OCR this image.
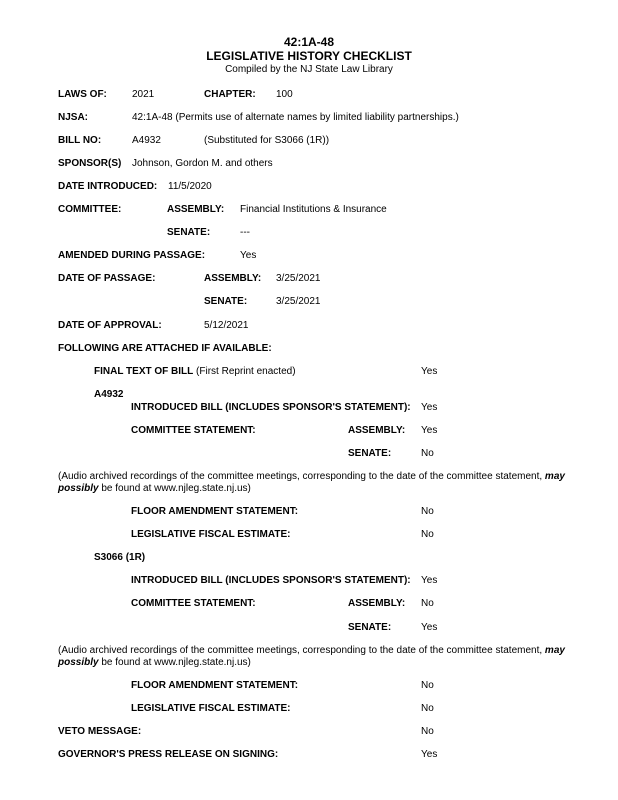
42:1A-48
LEGISLATIVE HISTORY CHECKLIST
Compiled by the NJ State Law Library
LAWS OF:	2021	CHAPTER: 100
NJSA:	42:1A-48 (Permits use of alternate names by limited liability partnerships.)
BILL NO:	A4932	(Substituted for S3066 (1R))
SPONSOR(S) Johnson, Gordon M. and others
DATE INTRODUCED: 11/5/2020
COMMITTEE:	ASSEMBLY: Financial Institutions & Insurance
SENATE:	---
AMENDED DURING PASSAGE:	Yes
DATE OF PASSAGE:	ASSEMBLY: 3/25/2021
SENATE:	3/25/2021
DATE OF APPROVAL:	5/12/2021
FOLLOWING ARE ATTACHED IF AVAILABLE:
FINAL TEXT OF BILL (First Reprint enacted)	Yes
A4932
INTRODUCED BILL (INCLUDES SPONSOR'S STATEMENT): Yes
COMMITTEE STATEMENT:	ASSEMBLY: Yes
SENATE:	No
(Audio archived recordings of the committee meetings, corresponding to the date of the committee statement, may possibly be found at www.njleg.state.nj.us)
FLOOR AMENDMENT STATEMENT:	No
LEGISLATIVE FISCAL ESTIMATE:	No
S3066 (1R)
INTRODUCED BILL (INCLUDES SPONSOR'S STATEMENT): Yes
COMMITTEE STATEMENT:	ASSEMBLY: No
SENATE:	Yes
(Audio archived recordings of the committee meetings, corresponding to the date of the committee statement, may possibly be found at www.njleg.state.nj.us)
FLOOR AMENDMENT STATEMENT:	No
LEGISLATIVE FISCAL ESTIMATE:	No
VETO MESSAGE:	No
GOVERNOR'S PRESS RELEASE ON SIGNING:	Yes
